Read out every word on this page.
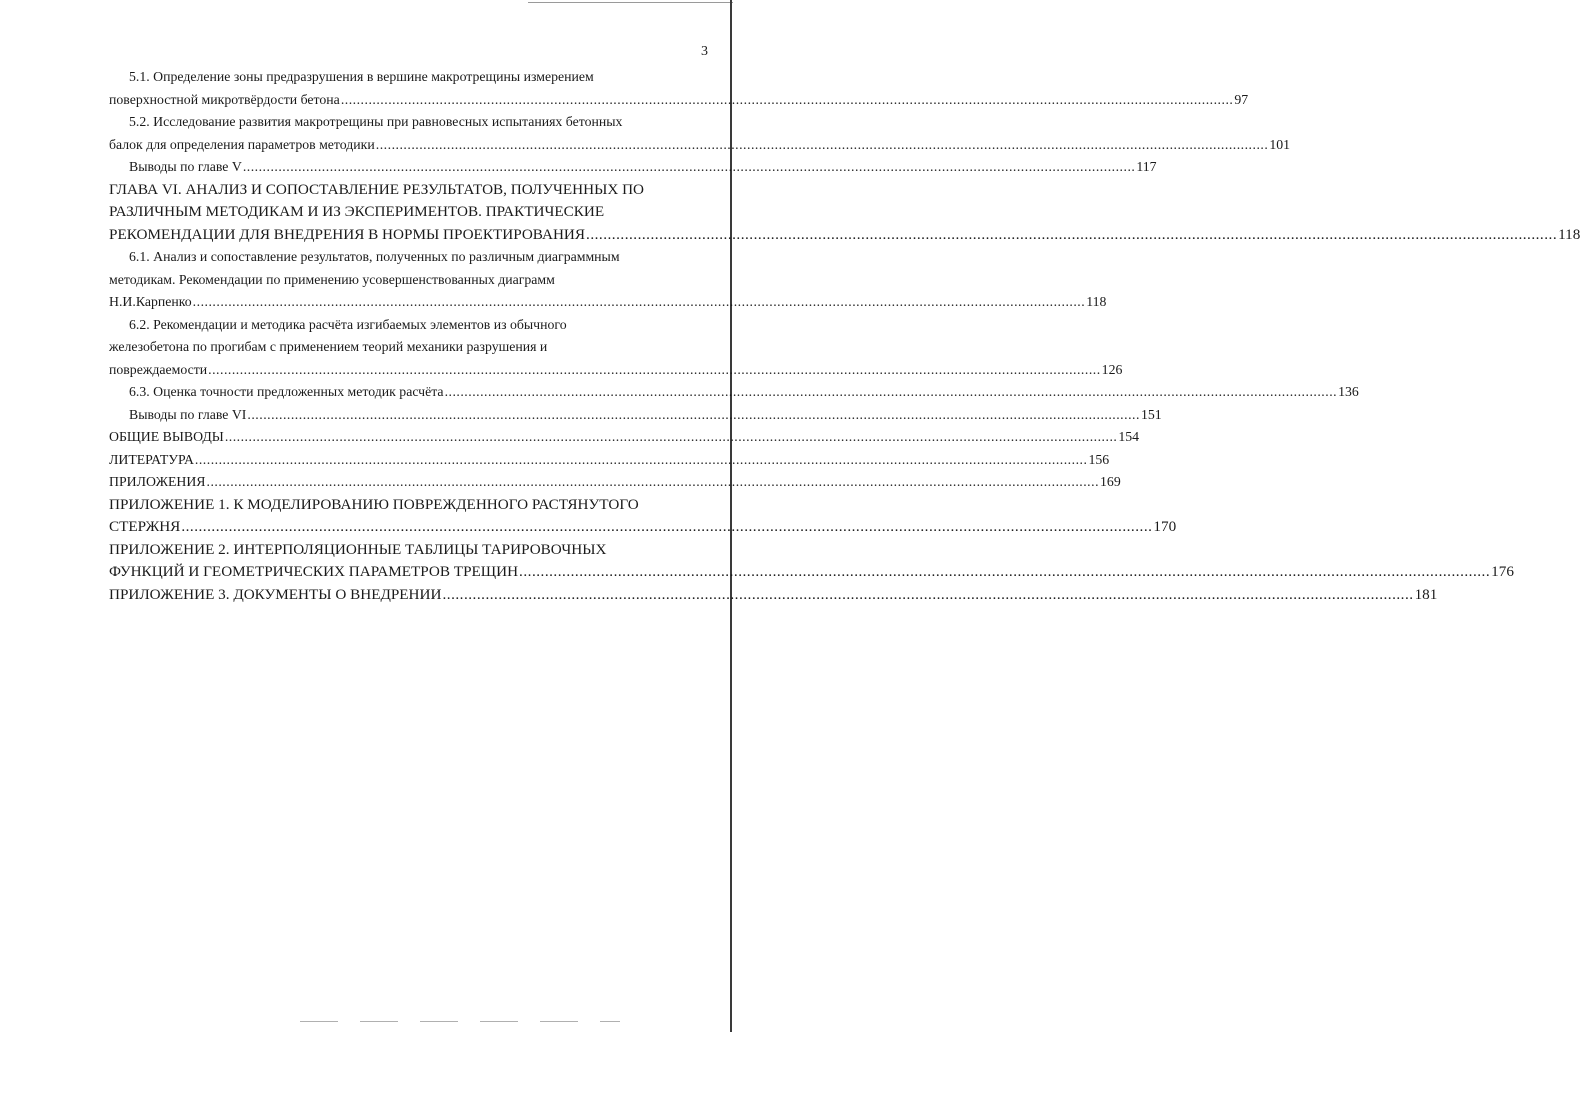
3
5.1. Определение зоны предразрушения в вершине макротрещины измерением
поверхностной микротвёрдости бетона .....	97
5.2. Исследование развития макротрещины при равновесных испытаниях бетонных
балок для определения параметров методики .....	101
Выводы по главе V .....	117
ГЛАВА VI. АНАЛИЗ И СОПОСТАВЛЕНИЕ РЕЗУЛЬТАТОВ, ПОЛУЧЕННЫХ ПО
РАЗЛИЧНЫМ МЕТОДИКАМ И ИЗ ЭКСПЕРИМЕНТОВ. ПРАКТИЧЕСКИЕ
РЕКОМЕНДАЦИИ ДЛЯ ВНЕДРЕНИЯ В НОРМЫ ПРОЕКТИРОВАНИЯ .....	118
6.1. Анализ и сопоставление результатов, полученных по различным диаграммным
методикам. Рекомендации по применению усовершенствованных диаграмм
Н.И.Карпенко .....	118
6.2. Рекомендации и методика расчёта изгибаемых элементов из обычного
железобетона по прогибам с применением теорий механики разрушения и
повреждаемости .....	126
6.3. Оценка точности предложенных методик расчёта .....	136
Выводы по главе VI .....	151
ОБЩИЕ ВЫВОДЫ .....	154
ЛИТЕРАТУРА .....	156
ПРИЛОЖЕНИЯ .....	169
ПРИЛОЖЕНИЕ 1. К МОДЕЛИРОВАНИЮ ПОВРЕЖДЕННОГО РАСТЯНУТОГО
СТЕРЖНЯ .....	170
ПРИЛОЖЕНИЕ 2. ИНТЕРПОЛЯЦИОННЫЕ ТАБЛИЦЫ ТАРИРОВОЧНЫХ
ФУНКЦИЙ И ГЕОМЕТРИЧЕСКИХ ПАРАМЕТРОВ ТРЕЩИН .....	176
ПРИЛОЖЕНИЕ 3. ДОКУМЕНТЫ О ВНЕДРЕНИИ .....	181
